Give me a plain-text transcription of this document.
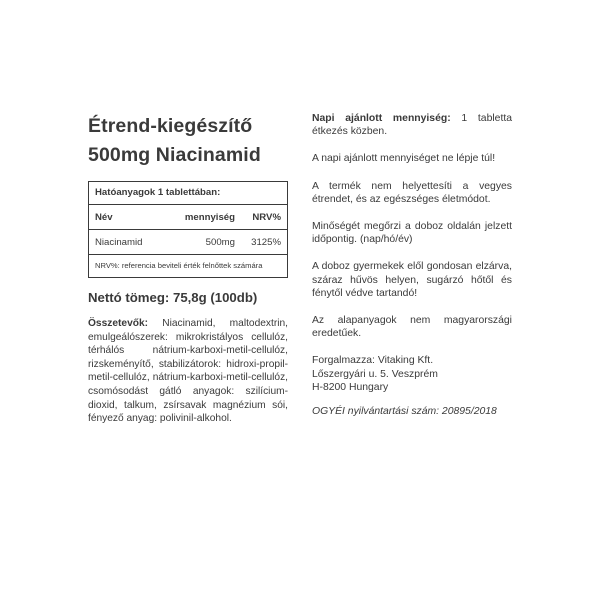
Étrend-kiegészítő
500mg Niacinamid
Hatóanyagok 1 tablettában:
Név	mennyiség	NRV%
Niacinamid	500mg	3125%
NRV%: referencia beviteli érték felnőttek számára
Nettó tömeg: 75,8g (100db)
Összetevők: Niacinamid, maltodextrin, emulgeálószerek: mikrokristályos cellulóz, térhálós nátrium-karboxi-metil-cellulóz, rizskeményítő, stabilizátorok: hidroxi-propil-metil-cellulóz, nátrium-karboxi-metil-cellulóz, csomósodást gátló anyagok: szilícium-dioxid, talkum, zsírsavak magnézium sói, fényező anyag: polivinil-alkohol.

Napi ajánlott mennyiség: 1 tabletta étkezés közben.

A napi ajánlott mennyiséget ne lépje túl!

A termék nem helyettesíti a vegyes étrendet, és az egészséges életmódot.

Minőségét megőrzi a doboz oldalán jelzett időpontig. (nap/hó/év)

A doboz gyermekek elől gondosan elzárva, száraz hűvös helyen, sugárzó hőtől és fénytől védve tartandó!

Az alapanyagok nem magyarországi eredetűek.

Forgalmazza: Vitaking Kft.
Lőszergyári u. 5. Veszprém
H-8200 Hungary

OGYÉI nyilvántartási szám: 20895/2018
